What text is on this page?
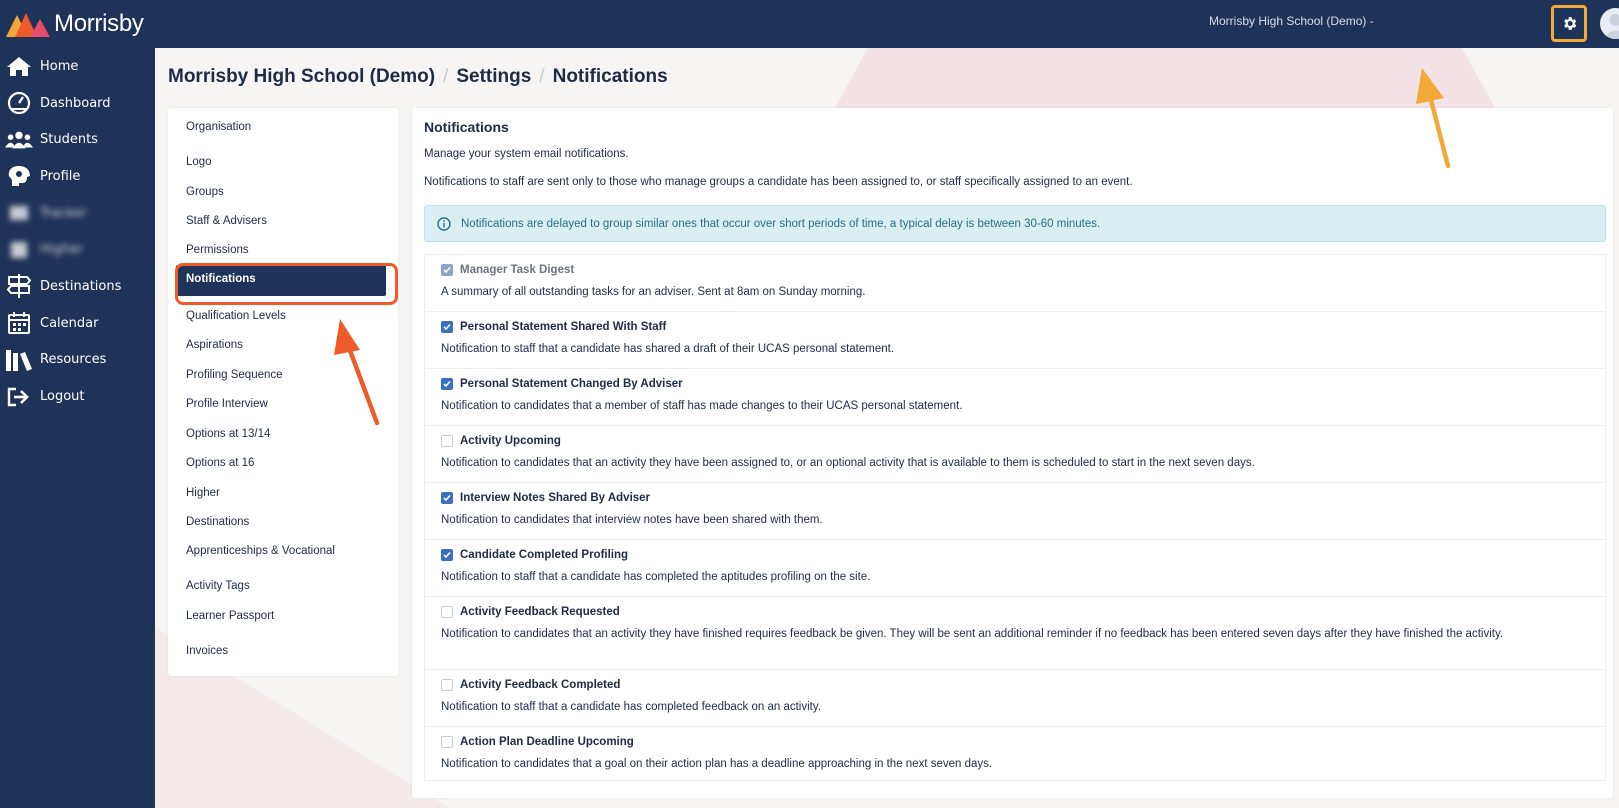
Morrisby
Home
Dashboard
Students
Profile
Tracker
Higher
Destinations
Calendar
Resources
Logout
Morrisby High School (Demo) -
Morrisby High School (Demo) / Settings / Notifications
Organisation
Logo
Groups
Staff & Advisers
Permissions
Notifications
Qualification Levels
Aspirations
Profiling Sequence
Profile Interview
Options at 13/14
Options at 16
Higher
Destinations
Apprenticeships & Vocational
Activity Tags
Learner Passport
Invoices
Notifications
Manage your system email notifications.
Notifications to staff are sent only to those who manage groups a candidate has been assigned to, or staff specifically assigned to an event.
Notifications are delayed to group similar ones that occur over short periods of time, a typical delay is between 30-60 minutes.
Manager Task Digest
A summary of all outstanding tasks for an adviser. Sent at 8am on Sunday morning.
Personal Statement Shared With Staff
Notification to staff that a candidate has shared a draft of their UCAS personal statement.
Personal Statement Changed By Adviser
Notification to candidates that a member of staff has made changes to their UCAS personal statement.
Activity Upcoming
Notification to candidates that an activity they have been assigned to, or an optional activity that is available to them is scheduled to start in the next seven days.
Interview Notes Shared By Adviser
Notification to candidates that interview notes have been shared with them.
Candidate Completed Profiling
Notification to staff that a candidate has completed the aptitudes profiling on the site.
Activity Feedback Requested
Notification to candidates that an activity they have finished requires feedback be given. They will be sent an additional reminder if no feedback has been entered seven days after they have finished the activity.
Activity Feedback Completed
Notification to staff that a candidate has completed feedback on an activity.
Action Plan Deadline Upcoming
Notification to candidates that a goal on their action plan has a deadline approaching in the next seven days.
